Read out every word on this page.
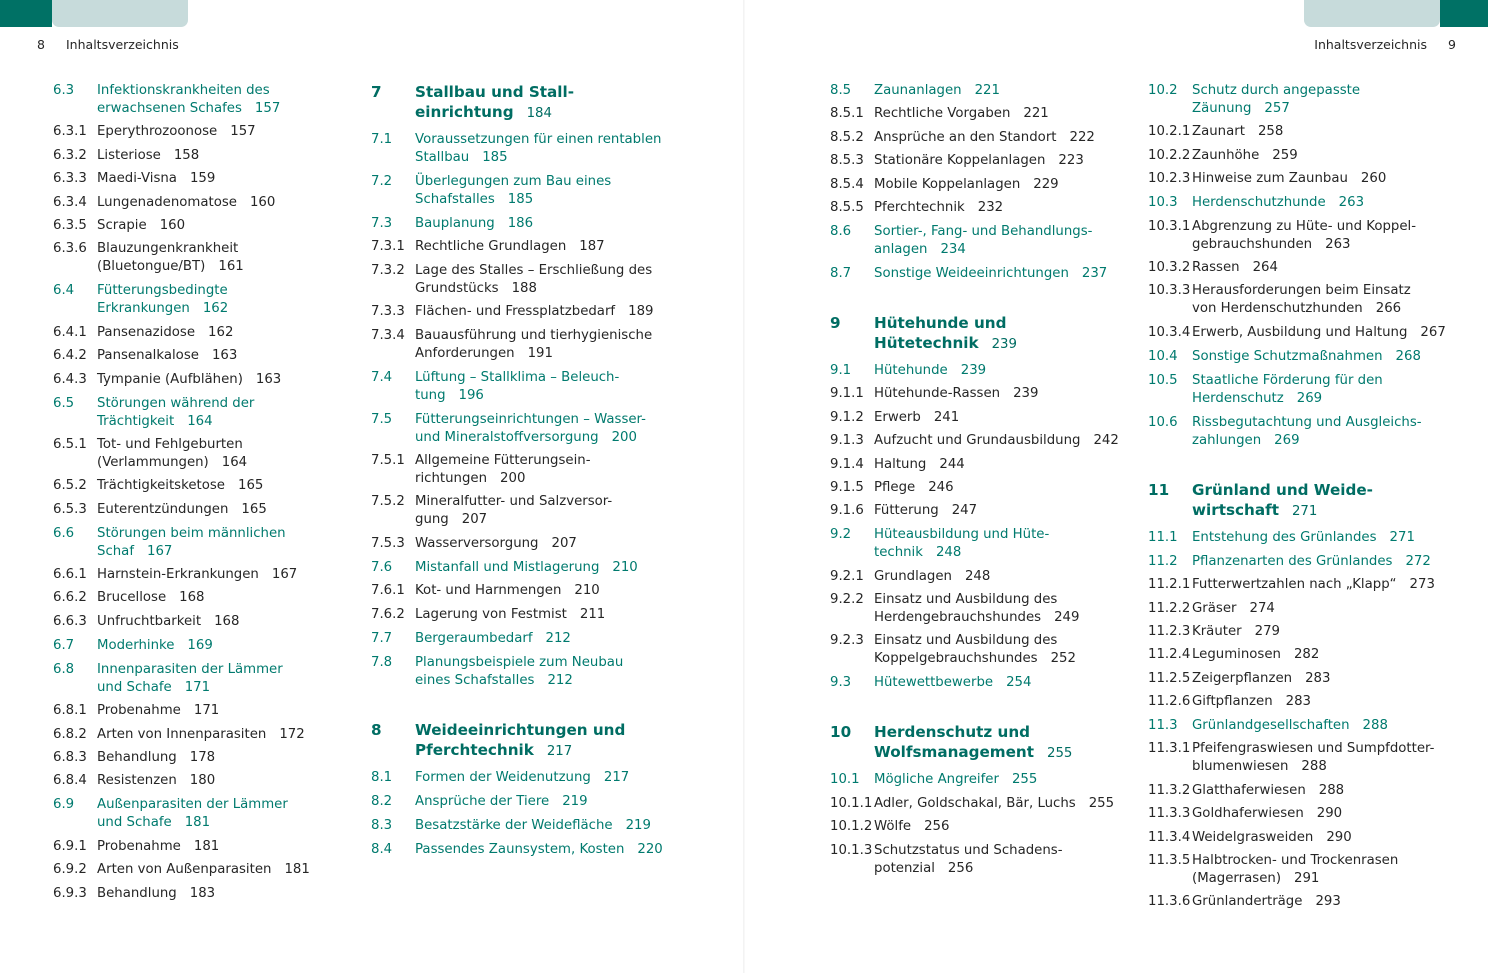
8 Inhaltsverzeichnis	Inhaltsverzeichnis 9
6.3	Infektionskrankheiten des
erwachsenen Schafes 157
6.3.1 Eperythrozoonose 157
6.3.2 Listeriose 158
6.3.3 Maedi-Visna 159
6.3.4 Lungenadenomatose 160
6.3.5 Scrapie 160
6.3.6 Blauzungenkrankheit
(Bluetongue/BT) 161
6.4	Fütterungsbedingte
Erkrankungen 162
6.4.1 Pansenazidose 162
6.4.2 Pansenalkalose 163
6.4.3 Tympanie (Aufblähen) 163
6.5	Störungen während der
Trächtigkeit 164
6.5.1 Tot- und Fehlgeburten
(Verlammungen) 164
6.5.2 Trächtigkeitsketose 165
6.5.3 Euterentzündungen 165
6.6	Störungen beim männlichen
Schaf 167
6.6.1 Harnstein-Erkrankungen 167
6.6.2 Brucellose 168
6.6.3 Unfruchtbarkeit 168
6.7	Moderhinke 169
6.8	Innenparasiten der Lämmer
und Schafe 171
6.8.1 Probenahme 171
6.8.2 Arten von Innenparasiten 172
6.8.3 Behandlung 178
6.8.4 Resistenzen 180
6.9	Außenparasiten der Lämmer
und Schafe 181
6.9.1 Probenahme 181
6.9.2 Arten von Außenparasiten 181
6.9.3 Behandlung 183
7	Stallbau und Stall-
einrichtung 184
7.1	Voraussetzungen für einen rentablen
Stallbau 185
7.2	Überlegungen zum Bau eines
Schafstalles 185
7.3	Bauplanung 186
7.3.1 Rechtliche Grundlagen 187
7.3.2 Lage des Stalles – Erschließung des
Grundstücks 188
7.3.3 Flächen- und Fressplatzbedarf 189
7.3.4 Bauausführung und tierhygienische
Anforderungen 191
7.4	Lüftung – Stallklima – Beleuch-
tung 196
7.5	Fütterungseinrichtungen – Wasser-
und Mineralstoffversorgung 200
7.5.1 Allgemeine Fütterungsein-
richtungen 200
7.5.2 Mineralfutter- und Salzversor-
gung 207
7.5.3 Wasserversorgung 207
7.6	Mistanfall und Mistlagerung 210
7.6.1 Kot- und Harnmengen 210
7.6.2 Lagerung von Festmist 211
7.7	Bergeraumbedarf 212
7.8	Planungsbeispiele zum Neubau
eines Schafstalles 212
8	Weideeinrichtungen und
Pferchtechnik 217
8.1	Formen der Weidenutzung 217
8.2	Ansprüche der Tiere 219
8.3	Besatzstärke der Weidefläche 219
8.4	Passendes Zaunsystem, Kosten 220
8.5	Zaunanlagen 221
8.5.1 Rechtliche Vorgaben 221
8.5.2 Ansprüche an den Standort 222
8.5.3 Stationäre Koppelanlagen 223
8.5.4 Mobile Koppelanlagen 229
8.5.5 Pferchtechnik 232
8.6	Sortier-, Fang- und Behandlungs-
anlagen 234
8.7	Sonstige Weideeinrichtungen 237
9	Hütehunde und
Hütetechnik 239
9.1	Hütehunde 239
9.1.1 Hütehunde-Rassen 239
9.1.2 Erwerb 241
9.1.3 Aufzucht und Grundausbildung 242
9.1.4 Haltung 244
9.1.5 Pflege 246
9.1.6 Fütterung 247
9.2	Hüteausbildung und Hüte-
technik 248
9.2.1 Grundlagen 248
9.2.2 Einsatz und Ausbildung des
Herdengebrauchshundes 249
9.2.3 Einsatz und Ausbildung des
Koppelgebrauchshundes 252
9.3	Hütewettbewerbe 254
10	Herdenschutz und
Wolfsmanagement 255
10.1	Mögliche Angreifer 255
10.1.1 Adler, Goldschakal, Bär, Luchs 255
10.1.2 Wölfe 256
10.1.3 Schutzstatus und Schadens-
potenzial 256
10.2	Schutz durch angepasste
Zäunung 257
10.2.1 Zaunart 258
10.2.2 Zaunhöhe 259
10.2.3 Hinweise zum Zaunbau 260
10.3	Herdenschutzhunde 263
10.3.1 Abgrenzung zu Hüte- und Koppel-
gebrauchshunden 263
10.3.2 Rassen 264
10.3.3 Herausforderungen beim Einsatz
von Herdenschutzhunden 266
10.3.4 Erwerb, Ausbildung und Haltung 267
10.4	Sonstige Schutzmaßnahmen 268
10.5	Staatliche Förderung für den
Herdenschutz 269
10.6	Rissbegutachtung und Ausgleichs-
zahlungen 269
11	Grünland und Weide-
wirtschaft 271
11.1	Entstehung des Grünlandes 271
11.2	Pflanzenarten des Grünlandes 272
11.2.1 Futterwertzahlen nach „Klapp“ 273
11.2.2 Gräser 274
11.2.3 Kräuter 279
11.2.4 Leguminosen 282
11.2.5 Zeigerpflanzen 283
11.2.6 Giftpflanzen 283
11.3	Grünlandgesellschaften 288
11.3.1 Pfeifengraswiesen und Sumpfdotter-
blumenwiesen 288
11.3.2 Glatthaferwiesen 288
11.3.3 Goldhaferwiesen 290
11.3.4 Weidelgrasweiden 290
11.3.5 Halbtrocken- und Trockenrasen
(Magerrasen) 291
11.3.6 Grünlanderträge 293
